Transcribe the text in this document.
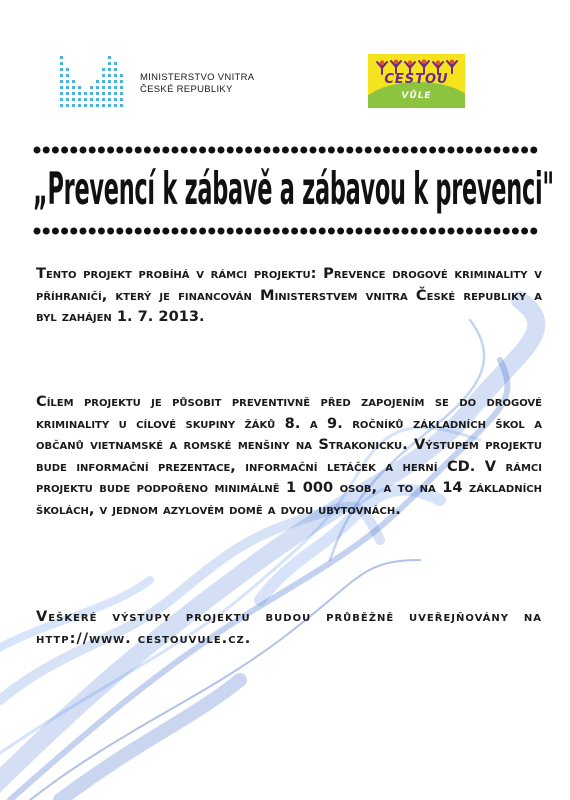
MINISTERSTVO VNITRA
ČESKÉ REPUBLIKY
CESTOU
VŮLE
„Prevencí k zábavě a zábavou k prevenci"
Tento projekt probíhá v rámci projektu: Prevence drogové kriminality v příhraničí, který je financován Ministerstvem vnitra České republiky a byl zahájen 1. 7. 2013.
Cílem projektu je působit preventivně před zapojením se do drogové kriminality u cílové skupiny žáků 8. a 9. ročníků základních škol a občanů vietnamské a romské menšiny na Strakonicku. Výstupem projektu bude informační prezentace, informační letáček a herní CD. V rámci projektu bude podpořeno minimálně 1 000 osob, a to na 14 základních školách, v jednom azylovém domě a dvou ubytovnách.
Veškeré výstupy projektu budou průběžně uveřejňovány na http://www. cestouvule.cz.
